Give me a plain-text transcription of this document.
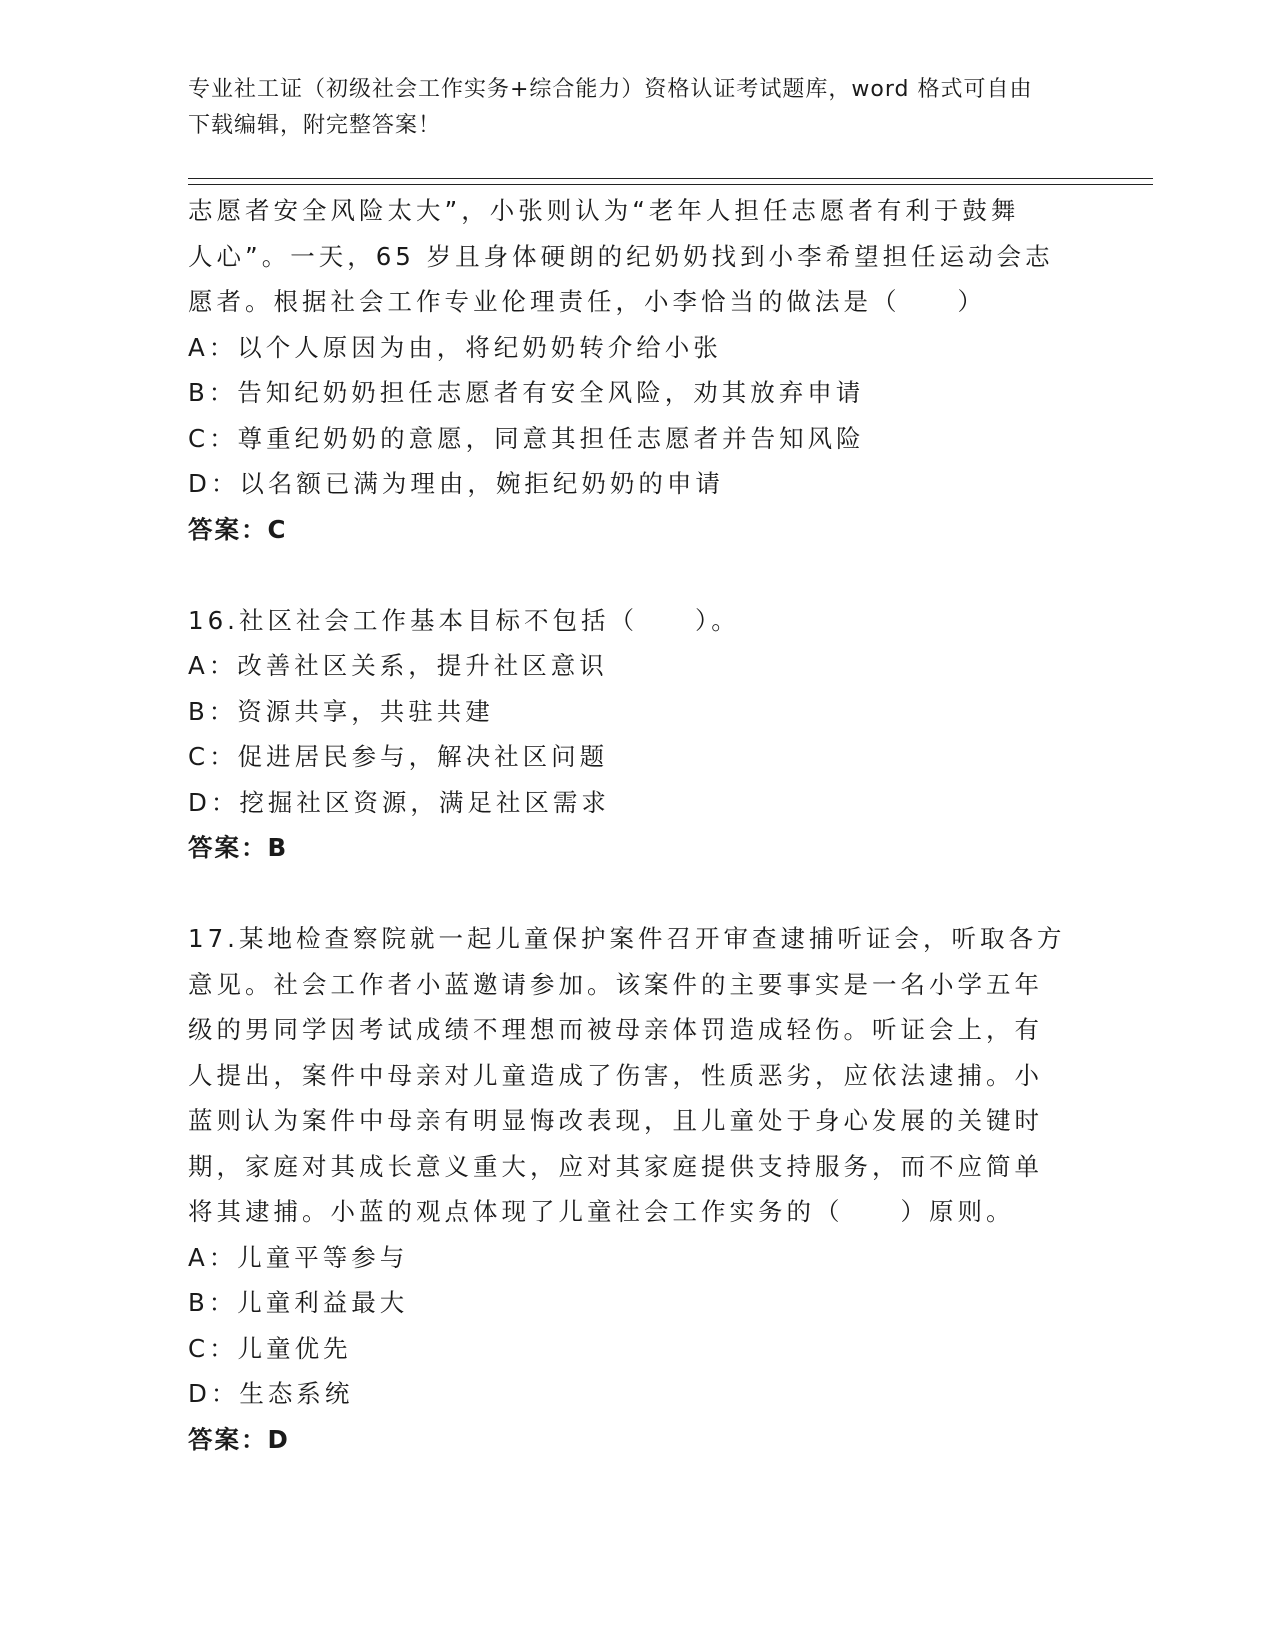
专业社工证（初级社会工作实务+综合能力）资格认证考试题库，word 格式可自由
下载编辑，附完整答案！
志愿者安全风险太大”，小张则认为“老年人担任志愿者有利于鼓舞
人心”。一天，65 岁且身体硬朗的纪奶奶找到小李希望担任运动会志
愿者。根据社会工作专业伦理责任，小李恰当的做法是（　　）
A：以个人原因为由，将纪奶奶转介给小张
B：告知纪奶奶担任志愿者有安全风险，劝其放弃申请
C：尊重纪奶奶的意愿，同意其担任志愿者并告知风险
D：以名额已满为理由，婉拒纪奶奶的申请
答案：C
16.社区社会工作基本目标不包括（　　）。
A：改善社区关系，提升社区意识
B：资源共享，共驻共建
C：促进居民参与，解决社区问题
D：挖掘社区资源，满足社区需求
答案：B
17.某地检查察院就一起儿童保护案件召开审查逮捕听证会，听取各方
意见。社会工作者小蓝邀请参加。该案件的主要事实是一名小学五年
级的男同学因考试成绩不理想而被母亲体罚造成轻伤。听证会上，有
人提出，案件中母亲对儿童造成了伤害，性质恶劣，应依法逮捕。小
蓝则认为案件中母亲有明显悔改表现，且儿童处于身心发展的关键时
期，家庭对其成长意义重大，应对其家庭提供支持服务，而不应简单
将其逮捕。小蓝的观点体现了儿童社会工作实务的（　　）原则。
A：儿童平等参与
B：儿童利益最大
C：儿童优先
D：生态系统
答案：D
